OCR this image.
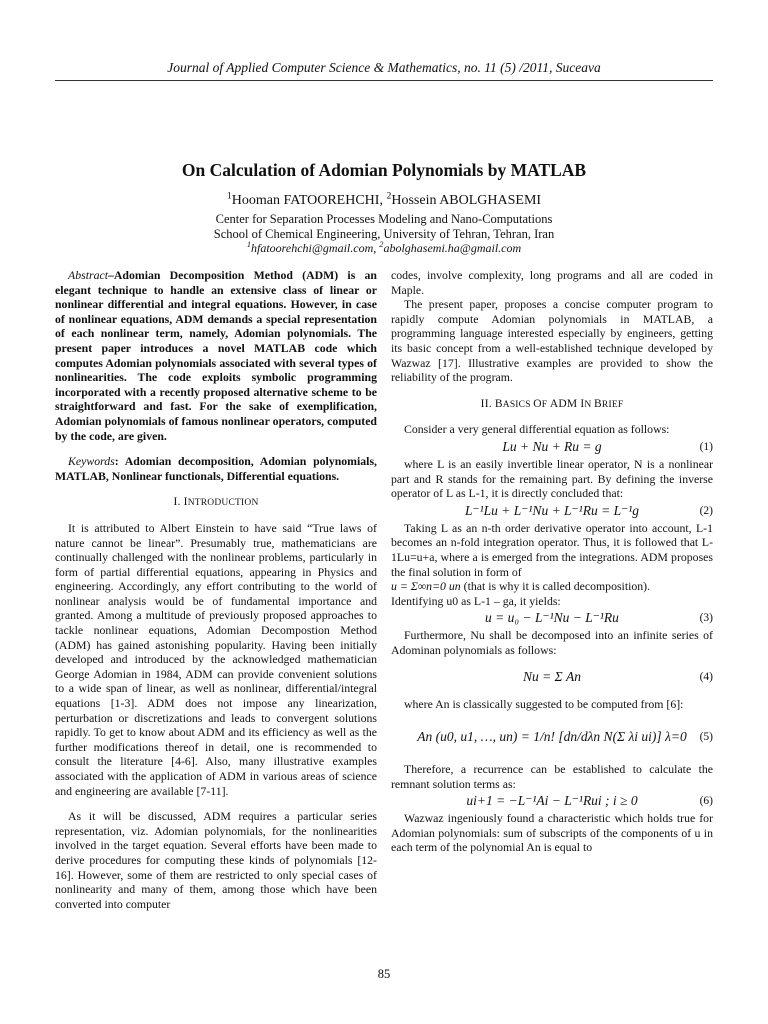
Journal of Applied Computer Science & Mathematics, no. 11 (5) /2011, Suceava
On Calculation of Adomian Polynomials by MATLAB
$^1$Hooman FATOOREHCHI, $^2$Hossein ABOLGHASEMI
Center for Separation Processes Modeling and Nano-Computations
School of Chemical Engineering, University of Tehran, Tehran, Iran
$^1$hfatoorehchi@gmail.com, $^2$abolghasemi.ha@gmail.com

Abstract–Adomian Decomposition Method (ADM) is an elegant technique to handle an extensive class of linear or nonlinear differential and integral equations. However, in case of nonlinear equations, ADM demands a special representation of each nonlinear term, namely, Adomian polynomials. The present paper introduces a novel MATLAB code which computes Adomian polynomials associated with several types of nonlinearities. The code exploits symbolic programming incorporated with a recently proposed alternative scheme to be straightforward and fast. For the sake of exemplification, Adomian polynomials of famous nonlinear operators, computed by the code, are given.

Keywords: Adomian decomposition, Adomian polynomials, MATLAB, Nonlinear functionals, Differential equations.

I. INTRODUCTION

It is attributed to Albert Einstein to have said “True laws of nature cannot be linear”. Presumably true, mathematicians are continually challenged with the nonlinear problems, particularly in form of partial differential equations, appearing in Physics and engineering. Accordingly, any effort contributing to the world of nonlinear analysis would be of fundamental importance and granted. Among a multitude of previously proposed approaches to tackle nonlinear equations, Adomian Decompostion Method (ADM) has gained astonishing popularity. Having been initially developed and introduced by the acknowledged mathematician George Adomian in 1984, ADM can provide convenient solutions to a wide span of linear, as well as nonlinear, differential/integral equations [1-3]. ADM does not impose any linearization, perturbation or discretizations and leads to convergent solutions rapidly. To get to know about ADM and its efficiency as well as the further modifications thereof in detail, one is recommended to consult the literature [4-6]. Also, many illustrative examples associated with the application of ADM in various areas of science and engineering are available [7-11].

As it will be discussed, ADM requires a particular series representation, viz. Adomian polynomials, for the nonlinearities involved in the target equation. Several efforts have been made to derive procedures for computing these kinds of polynomials [12-16]. However, some of them are restricted to only special cases of nonlinearity and many of them, among those which have been converted into computer

codes, involve complexity, long programs and all are coded in Maple.

The present paper, proposes a concise computer program to rapidly compute Adomian polynomials in MATLAB, a programming language interested especially by engineers, getting its basic concept from a well-established technique developed by Wazwaz [17]. Illustrative examples are provided to show the reliability of the program.

II. BASICS OF ADM IN BRIEF

Consider a very general differential equation as follows:

Lu + Nu + Ru = g	(1)

where L is an easily invertible linear operator, N is a nonlinear part and R stands for the remaining part. By defining the inverse operator of L as L-1, it is directly concluded that:

L⁻¹Lu + L⁻¹Nu + L⁻¹Ru = L⁻¹g	(2)

Taking L as an n-th order derivative operator into account, L-1 becomes an n-fold integration operator. Thus, it is followed that L-1Lu=u+a, where a is emerged from the integrations. ADM proposes the final solution in form of

u = Σ∞n=0 un (that is why it is called decomposition).

Identifying u0 as L-1 – ga, it yields:

u = u₀ − L⁻¹Nu − L⁻¹Ru	(3)

Furthermore, Nu shall be decomposed into an infinite series of Adominan polynomials as follows:

Nu = Σ An	(4)

where An is classically suggested to be computed from [6]:

An (u0, u1, …, un) = 1/n! [dn/dλn N(Σ λi ui)] λ=0 (5)

Therefore, a recurrence can be established to calculate the remnant solution terms as:

ui+1 = −L⁻¹Ai − L⁻¹Rui ; i ≥ 0	(6)

Wazwaz ingeniously found a characteristic which holds true for Adomian polynomials: sum of subscripts of the components of u in each term of the polynomial An is equal to

85
